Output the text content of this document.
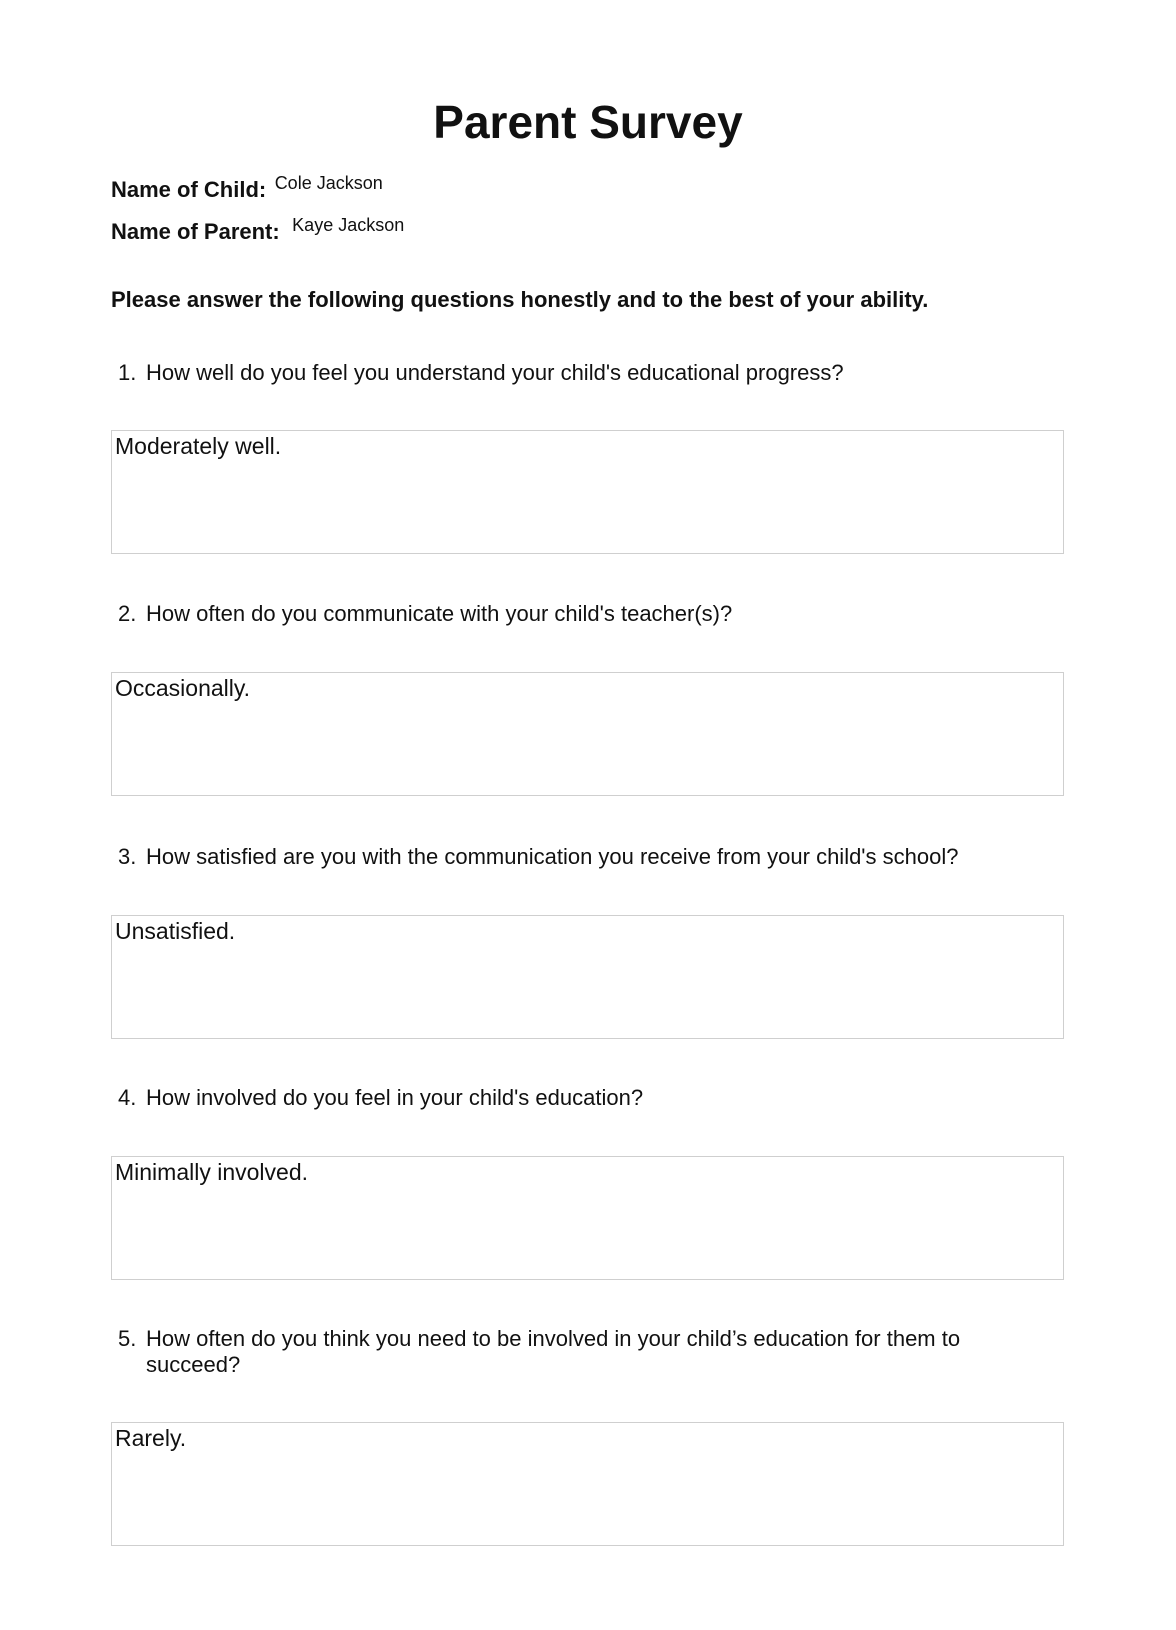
Parent Survey
Name of Child: Cole Jackson
Name of Parent: Kaye Jackson

Please answer the following questions honestly and to the best of your ability.

1. How well do you feel you understand your child's educational progress?

Moderately well.

2. How often do you communicate with your child's teacher(s)?

Occasionally.

3. How satisfied are you with the communication you receive from your child's school?

Unsatisfied.

4. How involved do you feel in your child's education?

Minimally involved.

5. How often do you think you need to be involved in your child’s education for them to succeed?

Rarely.
